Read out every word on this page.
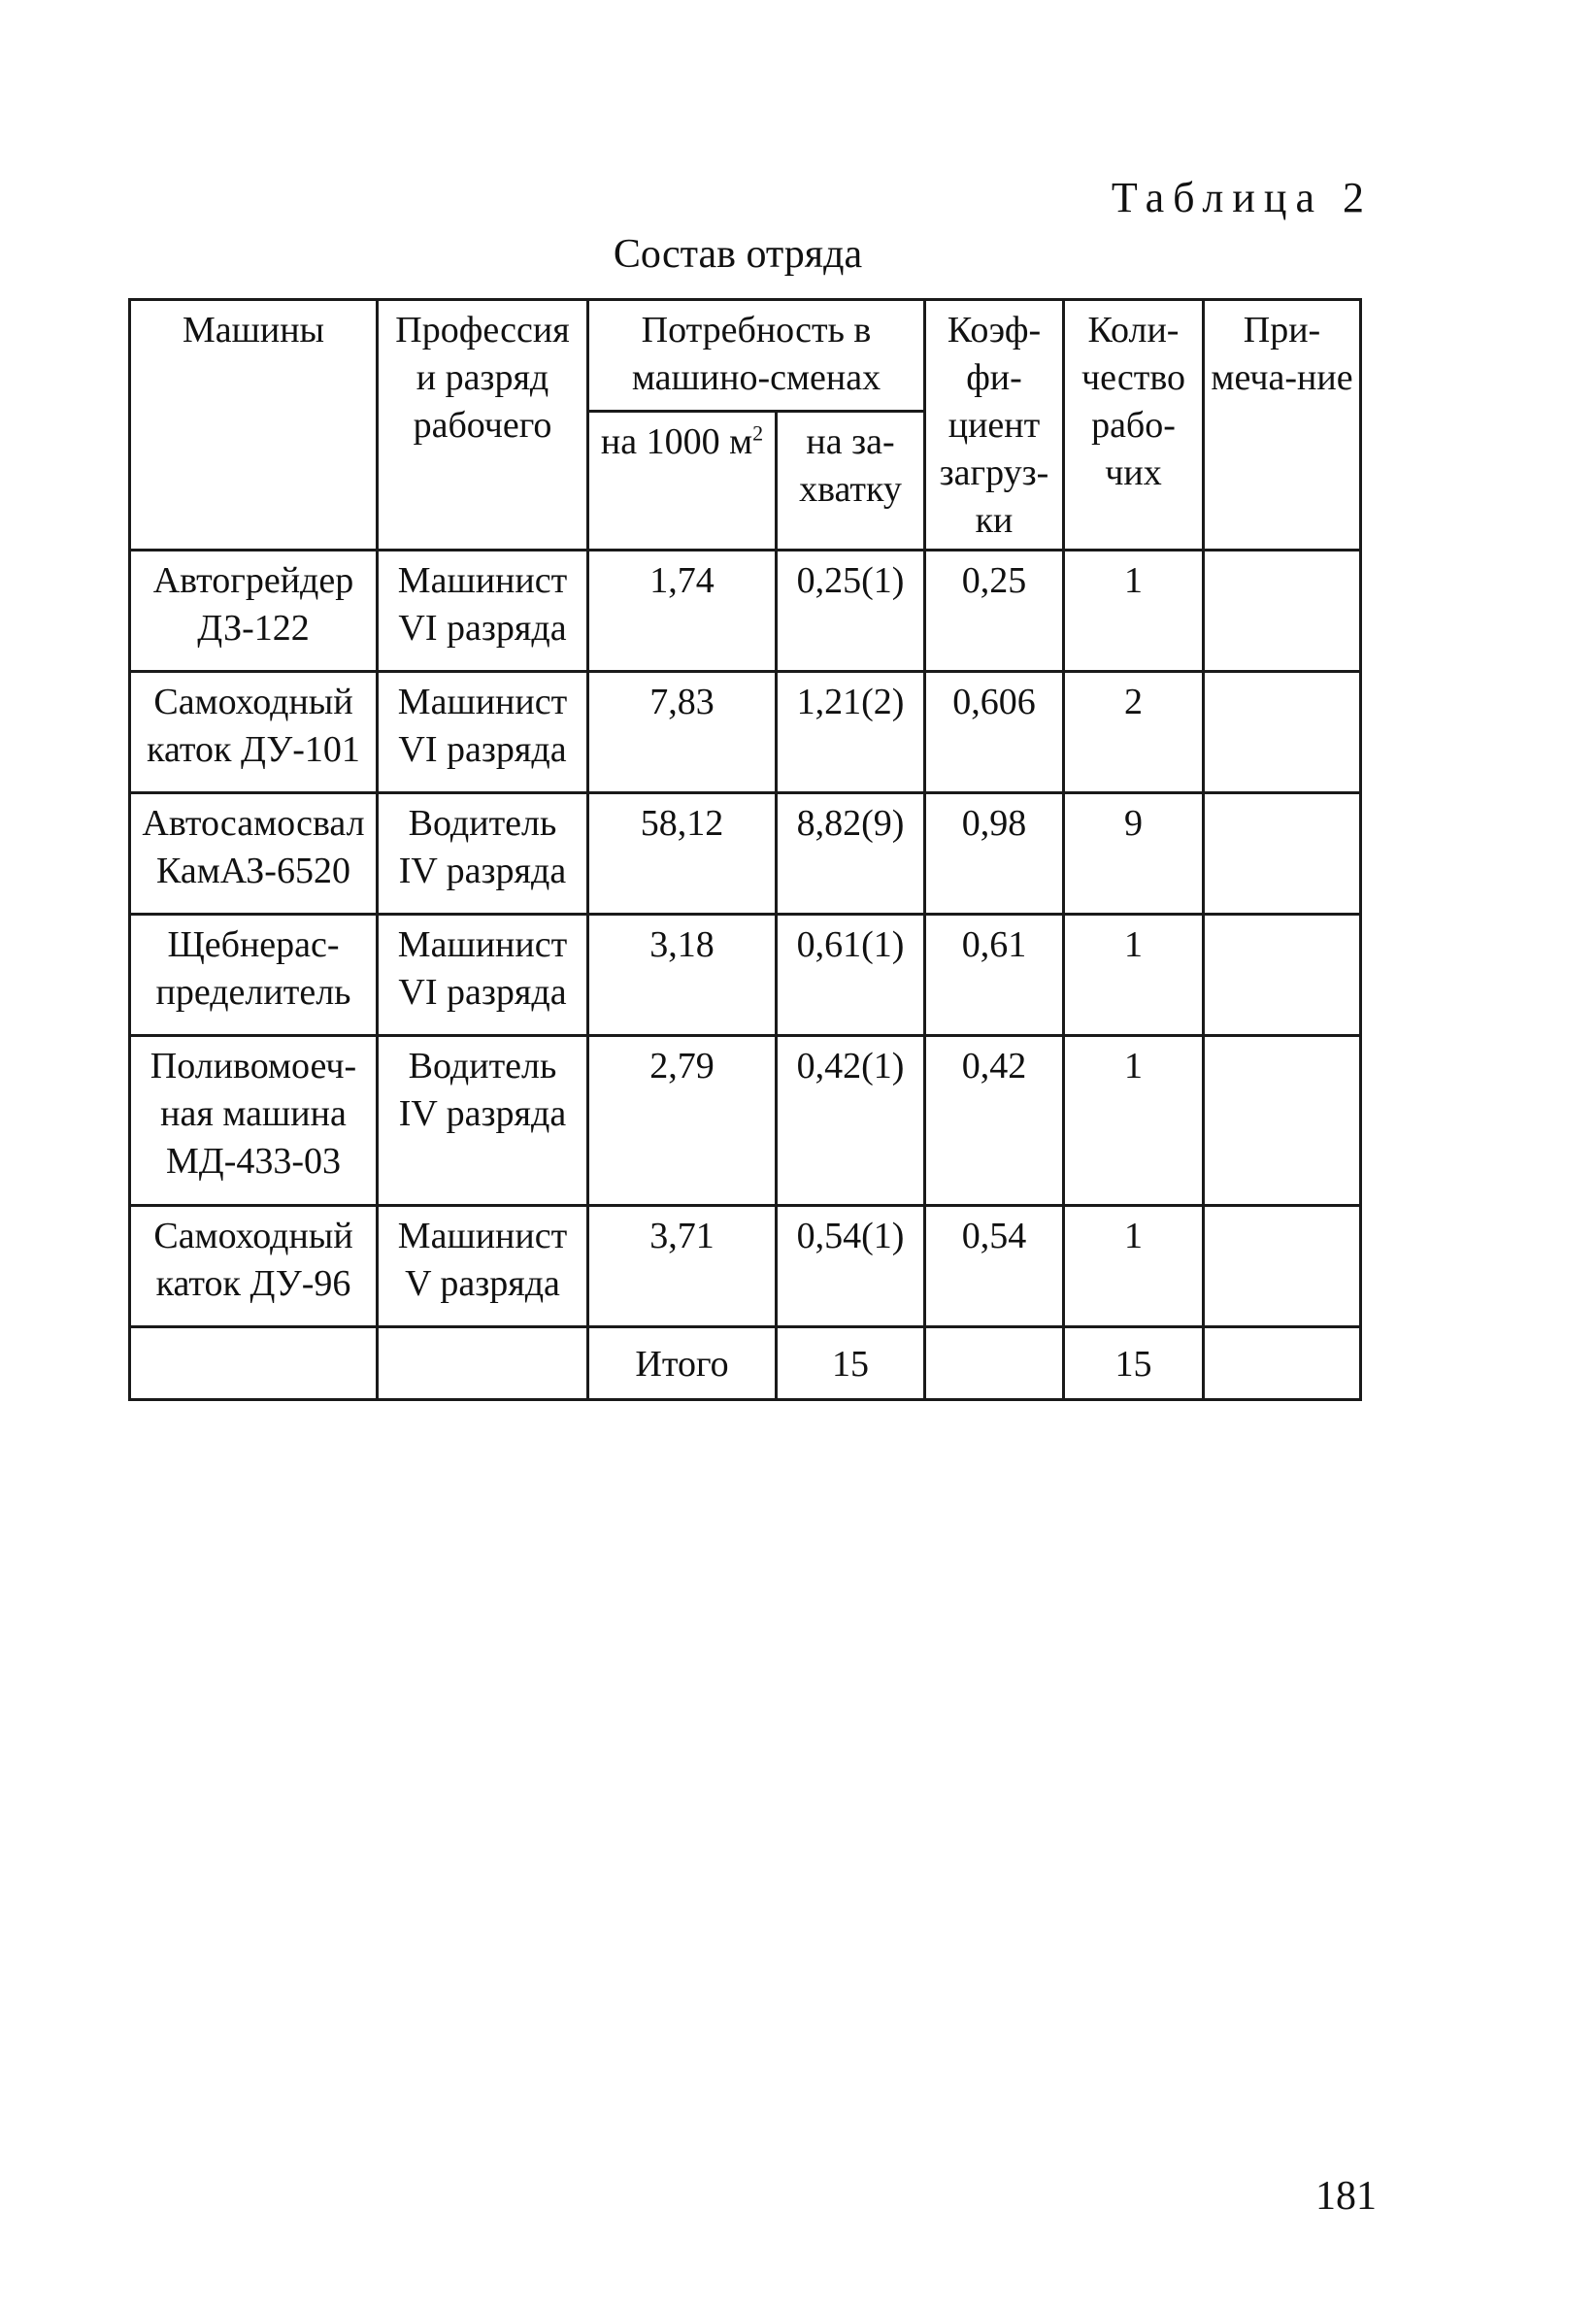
Таблица 2
Состав отряда
Машины	Профессия и разряд рабочего	Потребность в машино-сменах		Коэф-фи-циент загруз-ки	Коли-чество рабо-чих	При-меча-ние
		на 1000 $м^2$	на за-хватку			
Автогрейдер ДЗ-122	Машинист VI разряда	1,74	0,25(1)	0,25	1	
Самоходный каток ДУ-101	Машинист VI разряда	7,83	1,21(2)	0,606	2	
Автосамосвал КамАЗ-6520	Водитель IV разряда	58,12	8,82(9)	0,98	9	
Щебнерас-пределитель	Машинист VI разряда	3,18	0,61(1)	0,61	1	
Поливомоеч-ная машина МД-433-03	Водитель IV разряда	2,79	0,42(1)	0,42	1	
Самоходный каток ДУ-96	Машинист V разряда	3,71	0,54(1)	0,54	1	
		Итого	15		15	
181
